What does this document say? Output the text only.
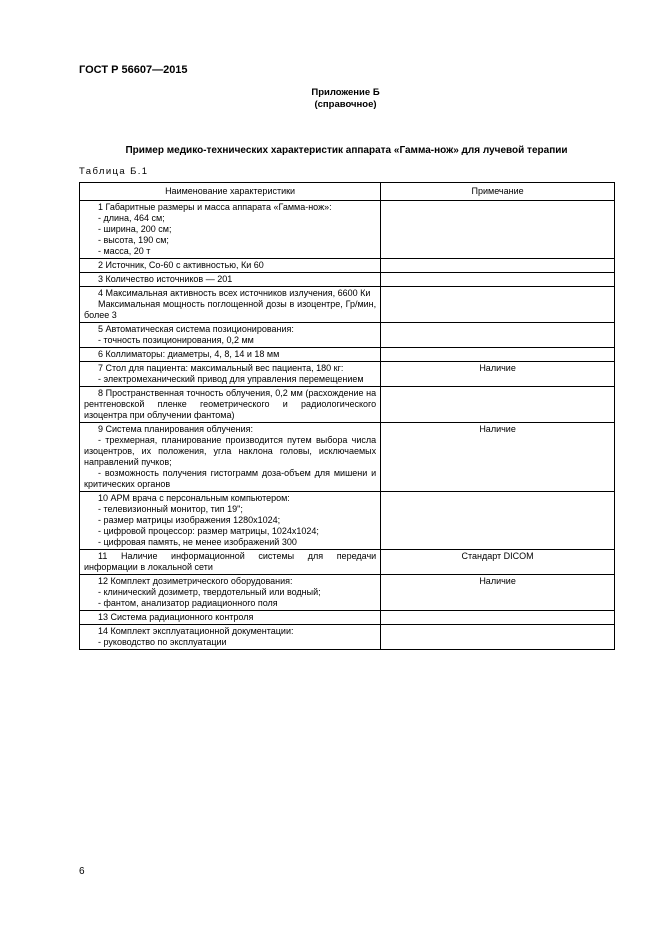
ГОСТ Р 56607—2015
Приложение Б
(справочное)
Пример медико-технических характеристик аппарата «Гамма-нож» для лучевой терапии
Таблица Б.1
Наименование характеристики	Примечание

1 Габаритные размеры и масса аппарата «Гамма-нож»:
- длина, 464 см;
- ширина, 200 см;
- высота, 190 см;
- масса, 20 т	

2 Источник, Со-60 с активностью, Ки 60	

3 Количество источников — 201	

4 Максимальная активность всех источников излучения, 6600 Ки
Максимальная мощность поглощенной дозы в изоцентре, Гр/мин, более 3	

5 Автоматическая система позиционирования:
- точность позиционирования, 0,2 мм	

6 Коллиматоры: диаметры, 4, 8, 14 и 18 мм	

7 Стол для пациента: максимальный вес пациента, 180 кг:
- электромеханический привод для управления перемещением	Наличие

8 Пространственная точность облучения, 0,2 мм (расхождение на рентгеновской пленке геометрического и радиологического изоцентра при облучении фантома)	

9 Система планирования облучения:
- трехмерная, планирование производится путем выбора числа изоцентров, их положения, угла наклона головы, исключаемых направлений пучков;
- возможность получения гистограмм доза-объем для мишени и критических органов	Наличие

10 АРМ врача с персональным компьютером:
- телевизионный монитор, тип 19";
- размер матрицы изображения 1280x1024;
- цифровой процессор: размер матрицы, 1024x1024;
- цифровая память, не менее изображений 300	

11 Наличие информационной системы для передачи информации в локальной сети	Стандарт DICOM

12 Комплект дозиметрического оборудования:
- клинический дозиметр, твердотельный или водный;
- фантом, анализатор радиационного поля	Наличие

13 Система радиационного контроля	

14 Комплект эксплуатационной документации:
- руководство по эксплуатации	

6
